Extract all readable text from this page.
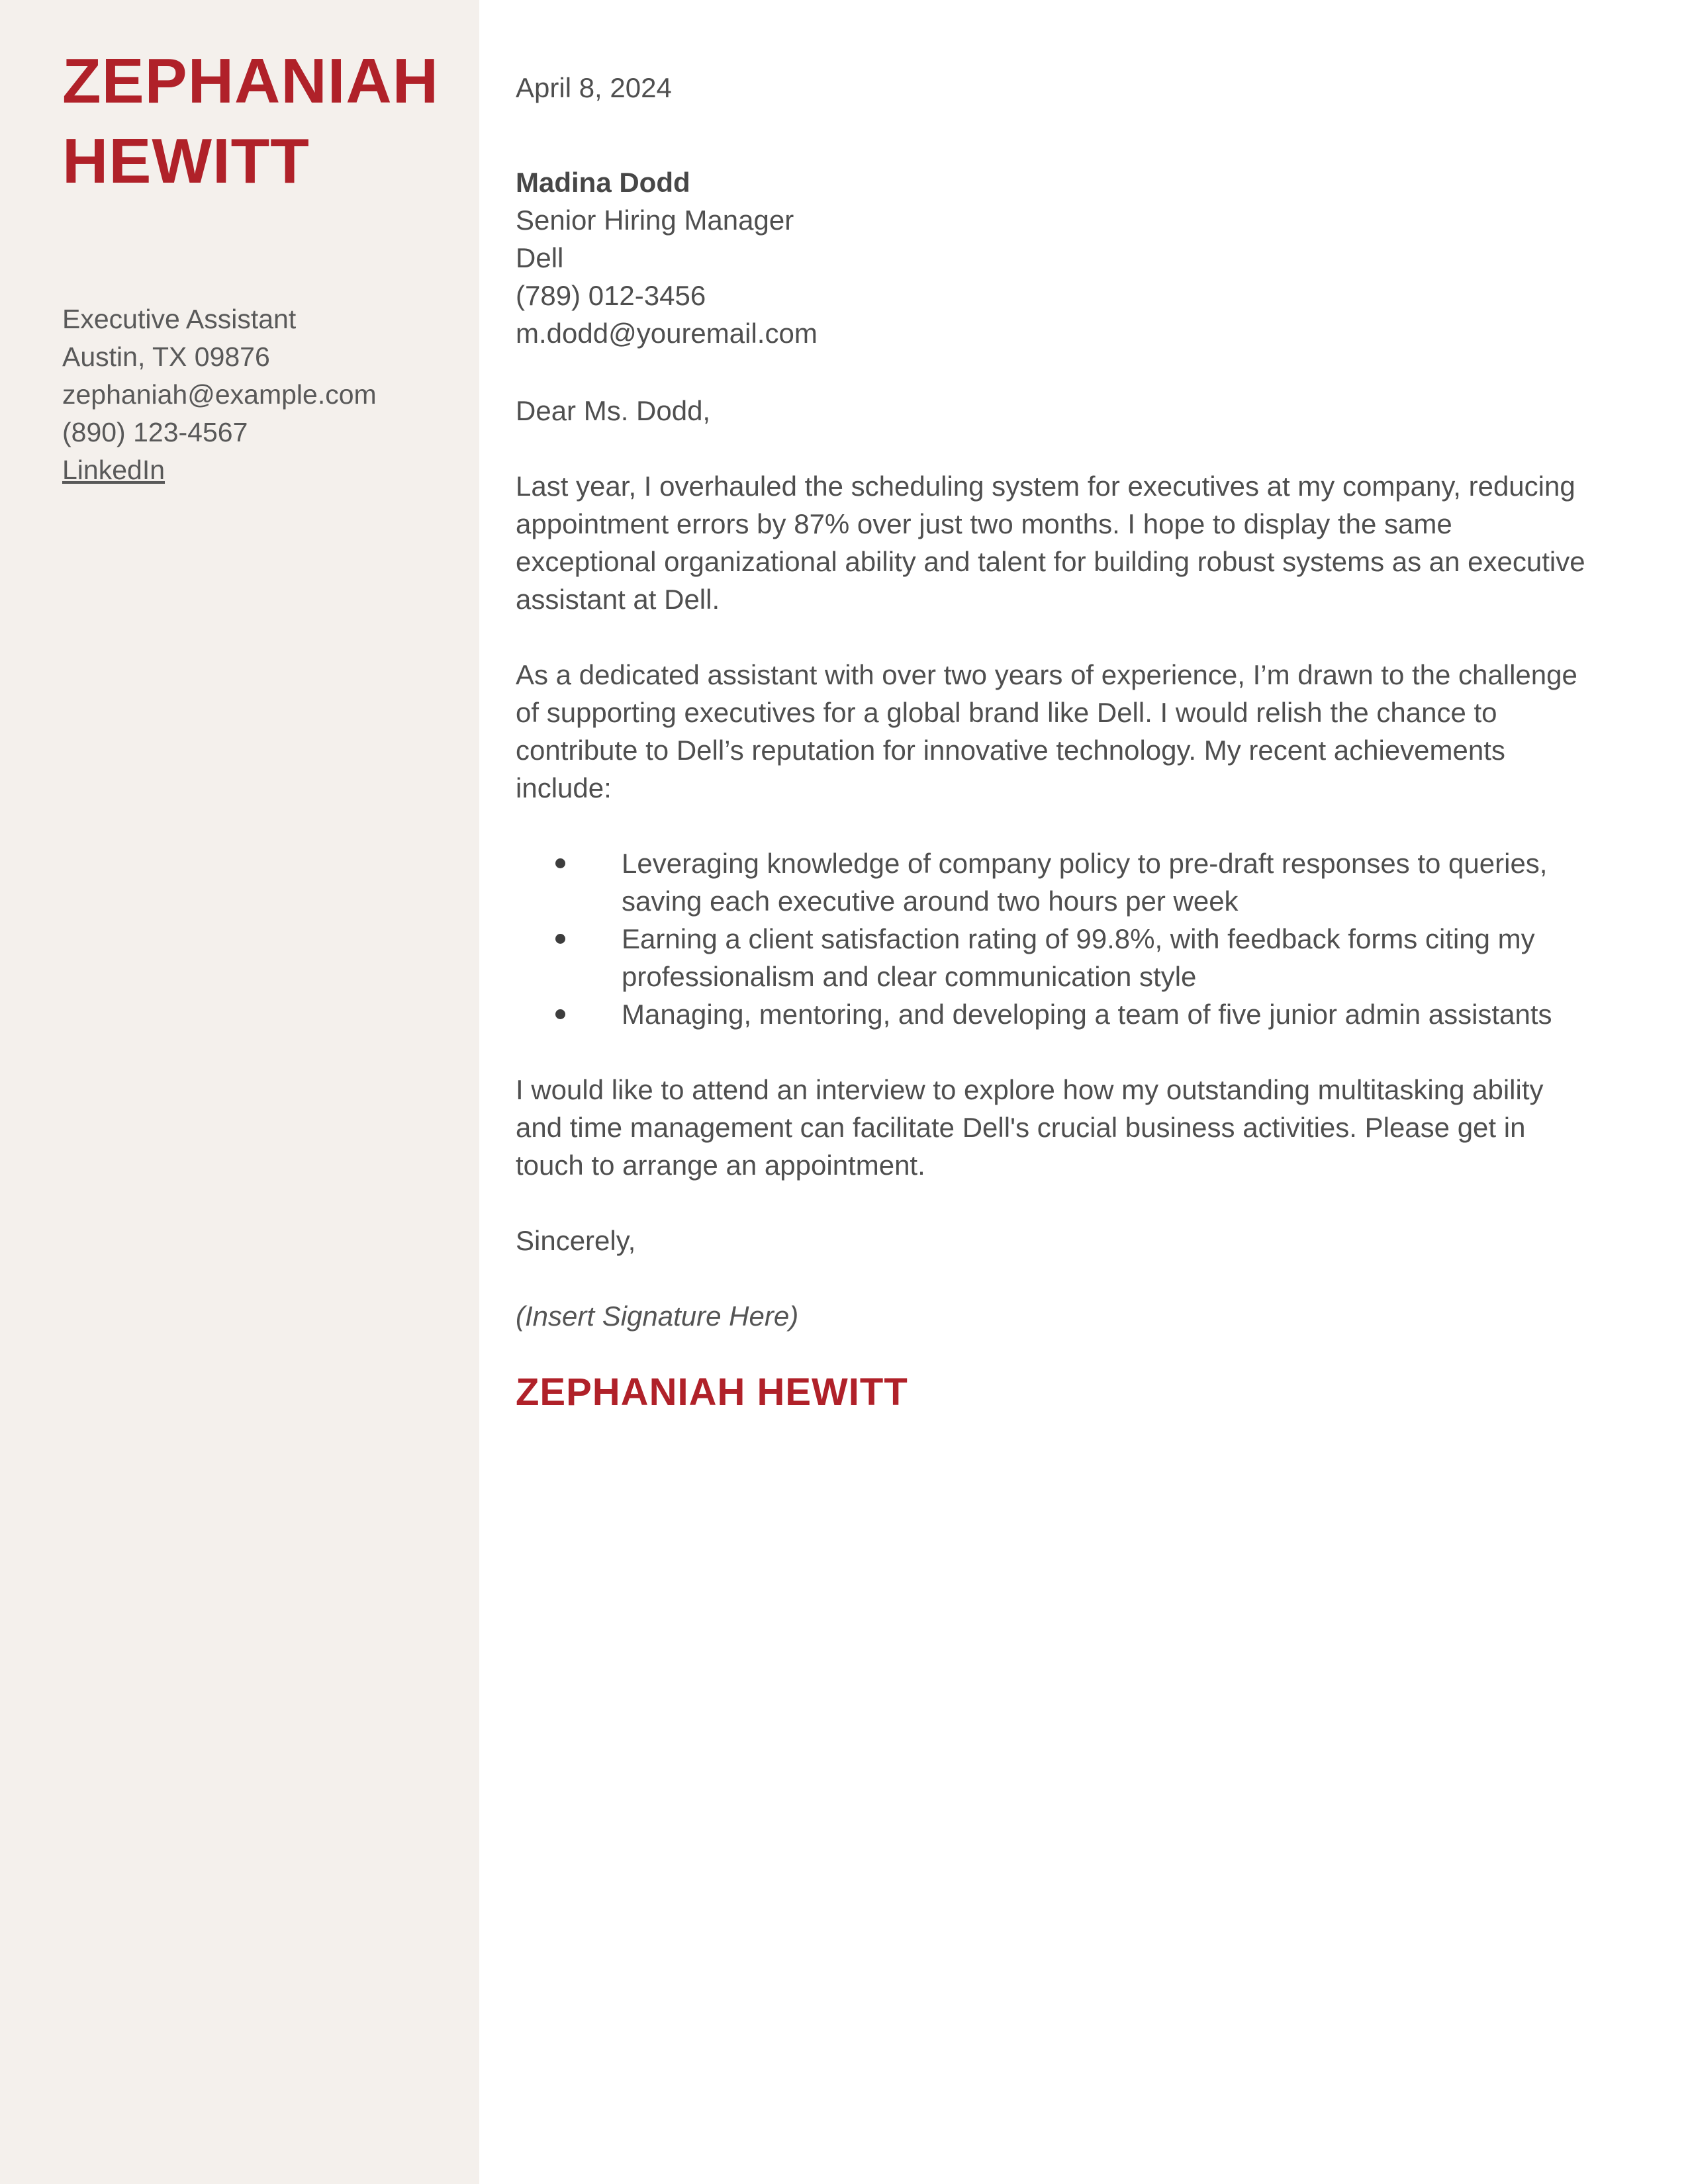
ZEPHANIAH HEWITT
Executive Assistant
Austin, TX 09876
zephaniah@example.com
(890) 123-4567
LinkedIn

April 8, 2024

Madina Dodd

Senior Hiring Manager

Dell

(789) 012-3456

m.dodd@youremail.com

Dear Ms. Dodd,

Last year, I overhauled the scheduling system for executives at my company, reducing appointment errors by 87% over just two months. I hope to display the same exceptional organizational ability and talent for building robust systems as an executive assistant at Dell.

As a dedicated assistant with over two years of experience, I’m drawn to the challenge of supporting executives for a global brand like Dell. I would relish the chance to contribute to Dell’s reputation for innovative technology. My recent achievements include:

Leveraging knowledge of company policy to pre-draft responses to queries, saving each executive around two hours per week
Earning a client satisfaction rating of 99.8%, with feedback forms citing my professionalism and clear communication style
Managing, mentoring, and developing a team of five junior admin assistants

I would like to attend an interview to explore how my outstanding multitasking ability and time management can facilitate Dell's crucial business activities. Please get in touch to arrange an appointment.

Sincerely,

(Insert Signature Here)

ZEPHANIAH HEWITT
